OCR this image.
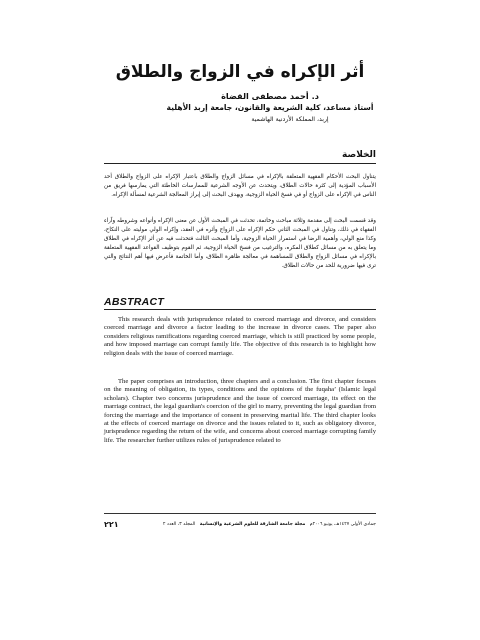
أثر الإكراه في الزواج والطلاق
د. أحمد مصطفى القضاة
أستاذ مساعد، كلية الشريعة والقانون، جامعة إربد الأهلية
إربد، المملكة الأردنية الهاشمية
الخلاصة
يتناول البحث الأحكام الفقهية المتعلقة بالإكراه في مسائل الزواج والطلاق باعتبار الإكراه على الزواج والطلاق أحد الأسباب المؤدية إلى كثرة حالات الطلاق، ويتحدث عن الأوجه الشرعية للممارسات الخاطئة التي يمارسها فريق من الناس في الإكراه على الزواج أو في فسخ الحياة الزوجية، ويهدف البحث إلى إبراز المعالجة الشرعية لمسألة الإكراه.
وقد قسمت البحث إلى مقدمة وثلاثة مباحث وخاتمة، تحدثت في المبحث الأول عن معنى الإكراه وأنواعه وشروطه وآراء الفقهاء في ذلك، وتناول في المبحث الثاني حكم الإكراه على الزواج وأثره في العقد، وإكراه الولي موليته على النكاح، وكذا منع الولي، وأهمية الرضا في استمرار الحياة الزوجية، وأما المبحث الثالث فتحدثت فيه عن أثر الإكراه في الطلاق وما يتعلق به من مسائل كطلاق المكره، والترغيب من فسخ الحياة الزوجية، ثم القوم بتوظيف القواعد الفقهية المتعلقة بالإكراه في مسائل الزواج والطلاق للمساهمة في معالجة ظاهرة الطلاق، وأما الخاتمة فأعرض فيها أهم النتائج والتي ترى فيها ضرورية للحد من حالات الطلاق.
ABSTRACT
This research deals with jurisprudence related to coerced marriage and divorce, and considers coerced marriage and divorce a factor leading to the increase in divorce cases. The paper also considers religious ramifications regarding coerced marriage, which is still practiced by some people, and how imposed marriage can corrupt family life. The objective of this research is to highlight how religion deals with the issue of coerced marriage.
The paper comprises an introduction, three chapters and a conclusion. The first chapter focuses on the meaning of obligation, its types, conditions and the opinions of the fuqaha’ (Islamic legal scholars). Chapter two concerns jurisprudence and the issue of coerced marriage, its effect on the marriage contract, the legal guardian's coercion of the girl to marry, preventing the legal guardian from forcing the marriage and the importance of consent in preserving marital life. The third chapter looks at the effects of coerced marriage on divorce and the issues related to it, such as obligatory divorce, jurisprudence regarding the return of the wife, and concerns about coerced marriage corrupting family life. The researcher further utilizes rules of jurisprudence related to
٢٢١	جمادى الأولى ١٤٢٧هـ، يونيو ٢٠٠٦م   مجلة جامعة الشارقة للعلوم الشرعية والإنسانية   المجلد ٣، العدد ٢
